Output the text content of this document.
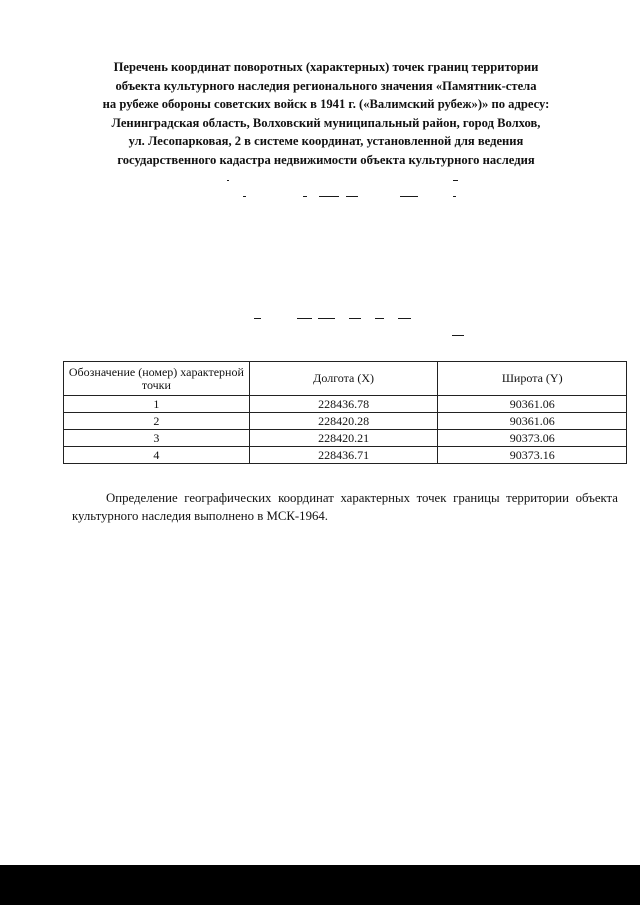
Перечень координат поворотных (характерных) точек границ территории
объекта культурного наследия регионального значения «Памятник-стела
на рубеже обороны советских войск в 1941 г. («Валимский рубеж»)» по адресу:
Ленинградская область, Волховский муниципальный район, город Волхов,
ул. Лесопарковая, 2 в системе координат, установленной для ведения
государственного кадастра недвижимости объекта культурного наследия
Обозначение (номер) характерной точки	Долгота (X)	Широта (Y)
1	228436.78	90361.06
2	228420.28	90361.06
3	228420.21	90373.06
4	228436.71	90373.16

Определение географических координат характерных точек границы территории объекта культурного наследия выполнено в МСК-1964.
